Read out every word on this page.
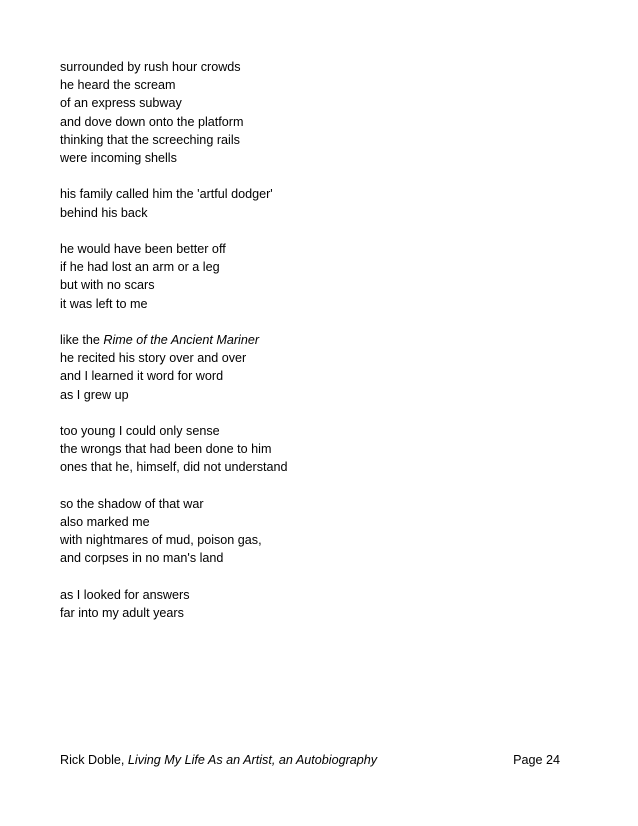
surrounded by rush hour crowds
he heard the scream
of an express subway
and dove down onto the platform
thinking that the screeching rails
were incoming shells
his family called him the 'artful dodger'
behind his back
he would have been better off
if he had lost an arm or a leg
but with no scars
it was left to me
like the Rime of the Ancient Mariner
he recited his story over and over
and I learned it word for word
as I grew up
too young I could only sense
the wrongs that had been done to him
ones that he, himself, did not understand
so the shadow of that war
also marked me
with nightmares of mud, poison gas,
and corpses in no man's land
as I looked for answers
far into my adult years
Rick Doble, Living My Life As an Artist, an Autobiography	Page 24
